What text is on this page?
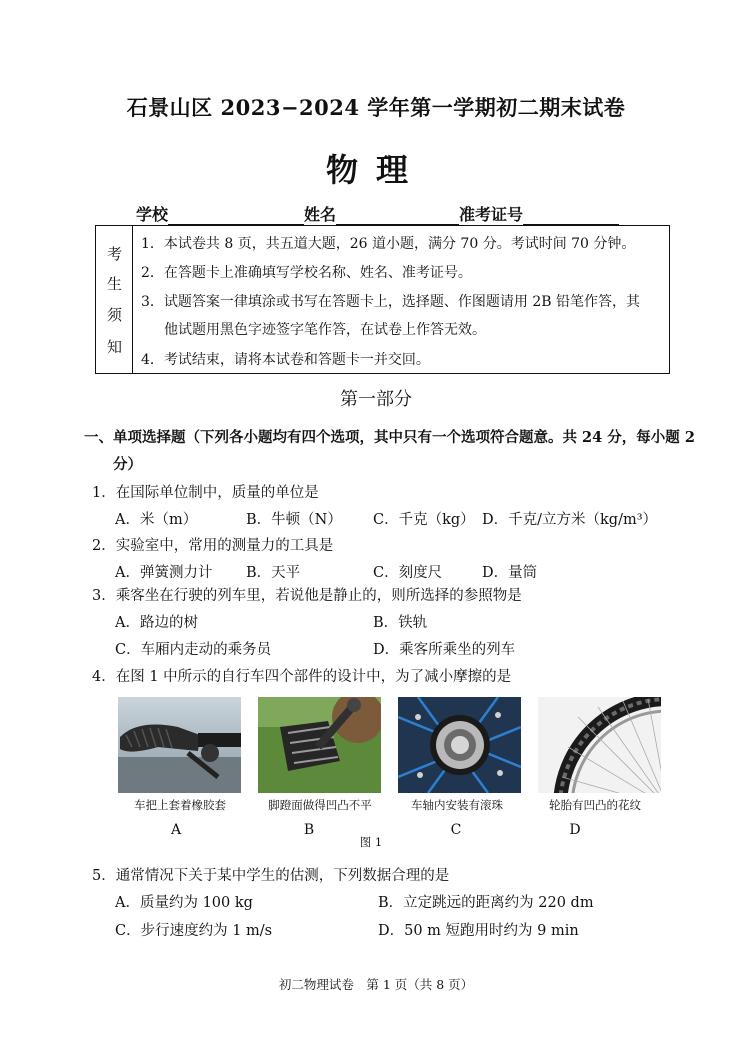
石景山区 2023−2024 学年第一学期初二期末试卷
物理
学校	姓名	准考证号
考
生
须
知
1．本试卷共 8 页，共五道大题，26 道小题，满分 70 分。考试时间 70 分钟。
2．在答题卡上准确填写学校名称、姓名、准考证号。
3．试题答案一律填涂或书写在答题卡上，选择题、作图题请用 2B 铅笔作答，其
他试题用黑色字迹签字笔作答，在试卷上作答无效。
4．考试结束，请将本试卷和答题卡一并交回。
第一部分
一、单项选择题（下列各小题均有四个选项，其中只有一个选项符合题意。共 24 分，每小题 2
分）
1．在国际单位制中，质量的单位是
A．米（m）	B．牛顿（N） C．千克（kg） D．千克/立方米（kg/m³）
2．实验室中，常用的测量力的工具是
A．弹簧测力计 B．天平	C．刻度尺	D．量筒
3．乘客坐在行驶的列车里，若说他是静止的，则所选择的参照物是
A．路边的树	B．铁轨
C．车厢内走动的乘务员	D．乘客所乘坐的列车
4．在图 1 中所示的自行车四个部件的设计中，为了减小摩擦的是
车把上套着橡胶套	脚蹬面做得凹凸不平	车轴内安装有滚珠	轮胎有凹凸的花纹
A	B	C	D
图 1
5．通常情况下关于某中学生的估测，下列数据合理的是
A．质量约为 100 kg	B．立定跳远的距离约为 220 dm
C．步行速度约为 1 m/s	D．50 m 短跑用时约为 9 min
初二物理试卷　第 1 页（共 8 页）
